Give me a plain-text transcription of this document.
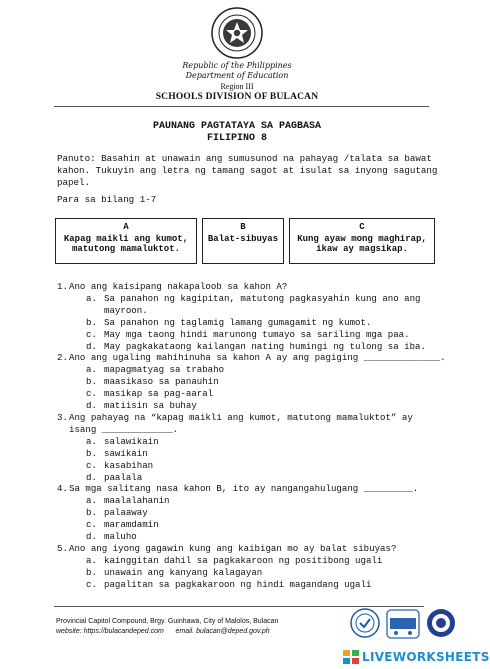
Republic of the Philippines
Department of Education
Region III
SCHOOLS DIVISION OF BULACAN
PAUNANG PAGTATAYA SA PAGBASA
FILIPINO 8
Panuto: Basahin at unawain ang sumusunod na pahayag /talata sa bawat
kahon. Tukuyin ang letra ng tamang sagot at isulat sa inyong sagutang papel.
Para sa bilang 1-7
A
Kapag maikli ang kumot,
matutong mamaluktot.
B
Balat-sibuyas
C
Kung ayaw mong maghirap,
ikaw ay magsikap.
1.Ano ang kaisipang nakapaloob sa kahon A?
a. Sa panahon ng kagipitan, matutong pagkasyahin kung ano ang
mayroon.
b. Sa panahon ng taglamig lamang gumagamit ng kumot.
c. May mga taong hindi marunong tumayo sa sariling mga paa.
d. May pagkakataong kailangan nating humingi ng tulong sa iba.
2.Ano ang ugaling mahihinuha sa kahon A ay ang pagiging ______________.
a. mapagmatyag sa trabaho
b. maasikaso sa panauhin
c. masikap sa pag-aaral
d. matiisin sa buhay
3.Ang pahayag na “kapag maikli ang kumot, matutong mamaluktot” ay
isang _____________.
a. salawikain
b. sawikain
c. kasabihan
d. paalala
4.Sa mga salitang nasa kahon B, ito ay nangangahulugang _________.
a. maalalahanin
b. palaaway
c. maramdamin
d. maluho
5.Ano ang iyong gagawin kung ang kaibigan mo ay balat sibuyas?
a. kainggitan dahil sa pagkakaroon ng positibong ugali
b. unawain ang kanyang kalagayan
c. pagalitan sa pagkakaroon ng hindi magandang ugali
Provincial Capitol Compound, Brgy. Guinhawa, City of Malolos, Bulacan
website: https://bulacandeped.com email. bulacan@deped.gov.ph
LIVEWORKSHEETS
